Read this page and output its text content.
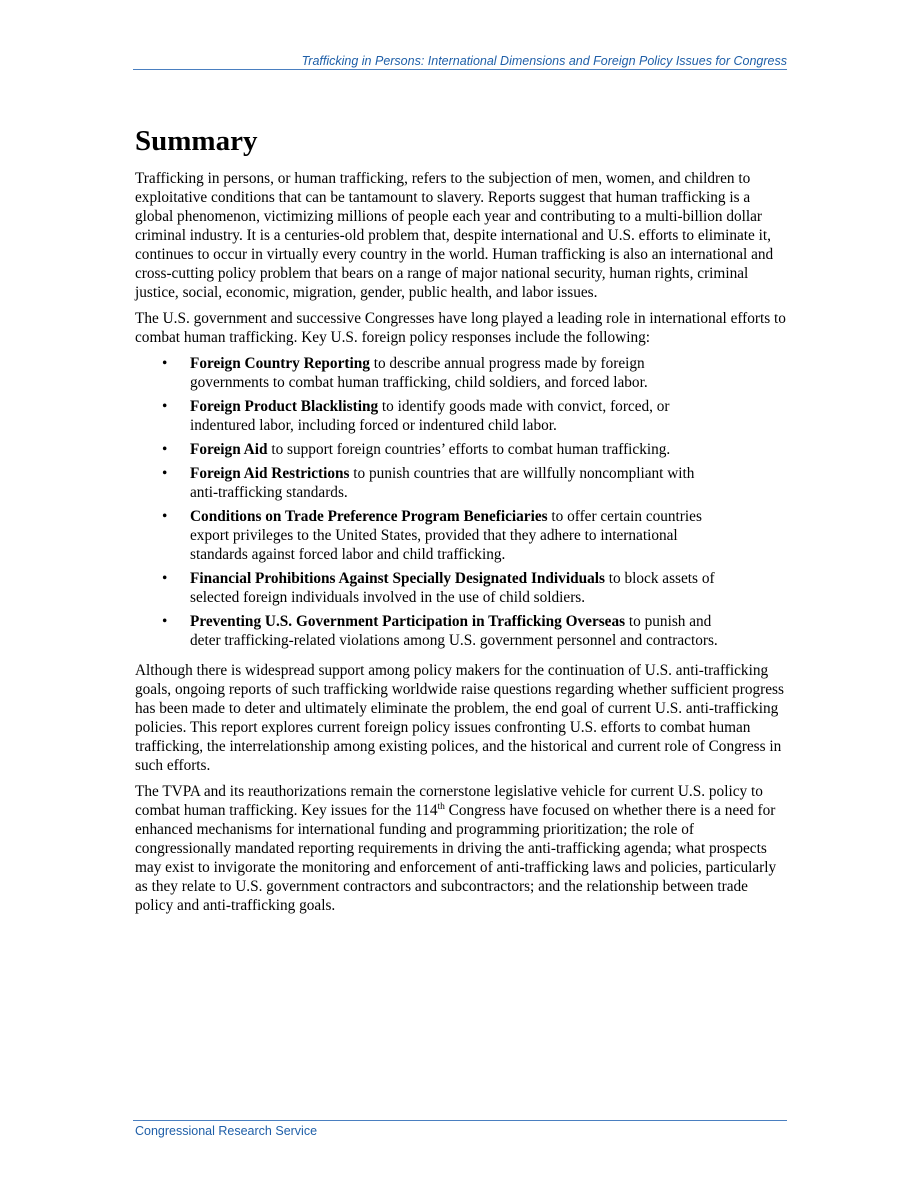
Trafficking in Persons: International Dimensions and Foreign Policy Issues for Congress
Summary

Trafficking in persons, or human trafficking, refers to the subjection of men, women, and children to exploitative conditions that can be tantamount to slavery. Reports suggest that human trafficking is a global phenomenon, victimizing millions of people each year and contributing to a multi-billion dollar criminal industry. It is a centuries-old problem that, despite international and U.S. efforts to eliminate it, continues to occur in virtually every country in the world. Human trafficking is also an international and cross-cutting policy problem that bears on a range of major national security, human rights, criminal justice, social, economic, migration, gender, public health, and labor issues.

The U.S. government and successive Congresses have long played a leading role in international efforts to combat human trafficking. Key U.S. foreign policy responses include the following:

• Foreign Country Reporting to describe annual progress made by foreign governments to combat human trafficking, child soldiers, and forced labor.
• Foreign Product Blacklisting to identify goods made with convict, forced, or indentured labor, including forced or indentured child labor.
• Foreign Aid to support foreign countries’ efforts to combat human trafficking.
• Foreign Aid Restrictions to punish countries that are willfully noncompliant with anti-trafficking standards.
• Conditions on Trade Preference Program Beneficiaries to offer certain countries export privileges to the United States, provided that they adhere to international standards against forced labor and child trafficking.
• Financial Prohibitions Against Specially Designated Individuals to block assets of selected foreign individuals involved in the use of child soldiers.
• Preventing U.S. Government Participation in Trafficking Overseas to punish and deter trafficking-related violations among U.S. government personnel and contractors.

Although there is widespread support among policy makers for the continuation of U.S. anti-trafficking goals, ongoing reports of such trafficking worldwide raise questions regarding whether sufficient progress has been made to deter and ultimately eliminate the problem, the end goal of current U.S. anti-trafficking policies. This report explores current foreign policy issues confronting U.S. efforts to combat human trafficking, the interrelationship among existing polices, and the historical and current role of Congress in such efforts.

The TVPA and its reauthorizations remain the cornerstone legislative vehicle for current U.S. policy to combat human trafficking. Key issues for the 114th Congress have focused on whether there is a need for enhanced mechanisms for international funding and programming prioritization; the role of congressionally mandated reporting requirements in driving the anti-trafficking agenda; what prospects may exist to invigorate the monitoring and enforcement of anti-trafficking laws and policies, particularly as they relate to U.S. government contractors and subcontractors; and the relationship between trade policy and anti-trafficking goals.

Congressional Research Service
